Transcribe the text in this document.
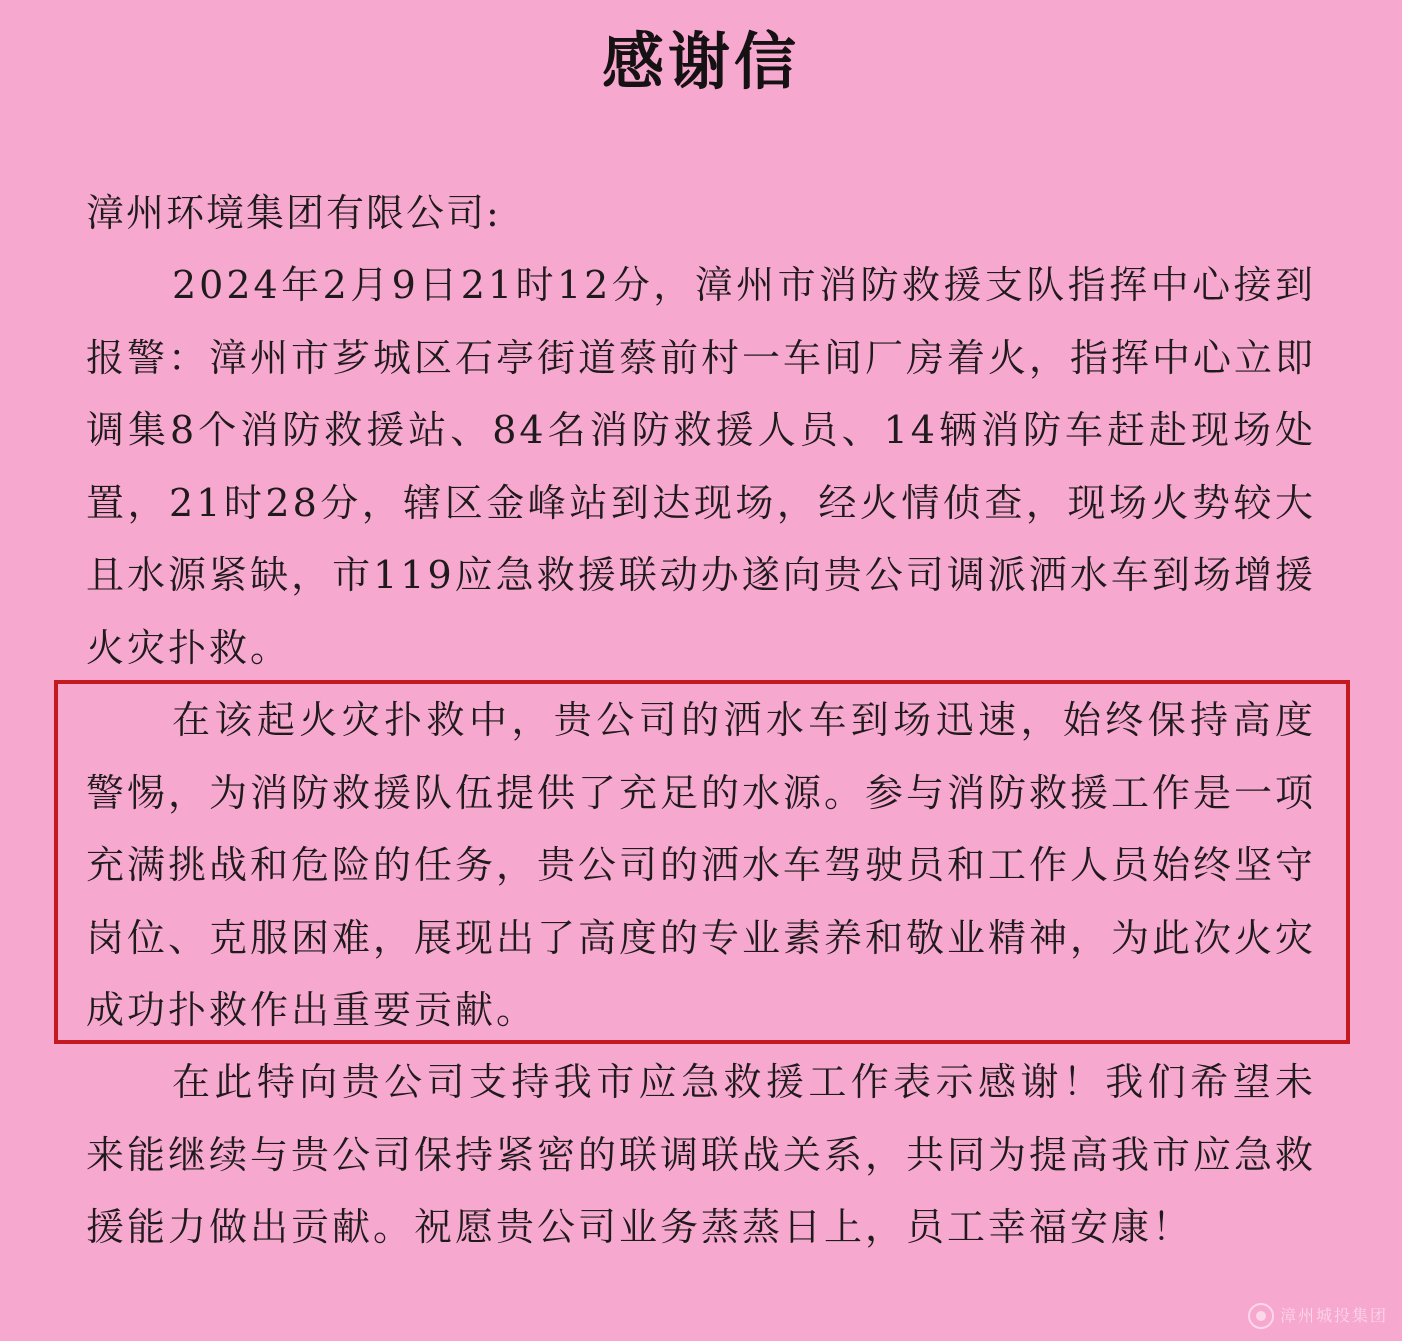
感谢信
漳州环境集团有限公司:

2024年2月9日21时12分，漳州市消防救援支队指挥中心接到报警：漳州市芗城区石亭街道蔡前村一车间厂房着火，指挥中心立即调集8个消防救援站、84名消防救援人员、14辆消防车赶赴现场处置，21时28分，辖区金峰站到达现场，经火情侦查，现场火势较大且水源紧缺，市119应急救援联动办遂向贵公司调派洒水车到场增援火灾扑救。

在该起火灾扑救中，贵公司的洒水车到场迅速，始终保持高度警惕，为消防救援队伍提供了充足的水源。参与消防救援工作是一项充满挑战和危险的任务，贵公司的洒水车驾驶员和工作人员始终坚守岗位、克服困难，展现出了高度的专业素养和敬业精神，为此次火灾成功扑救作出重要贡献。

在此特向贵公司支持我市应急救援工作表示感谢！我们希望未来能继续与贵公司保持紧密的联调联战关系，共同为提高我市应急救援能力做出贡献。祝愿贵公司业务蒸蒸日上，员工幸福安康！

漳州城投集团
